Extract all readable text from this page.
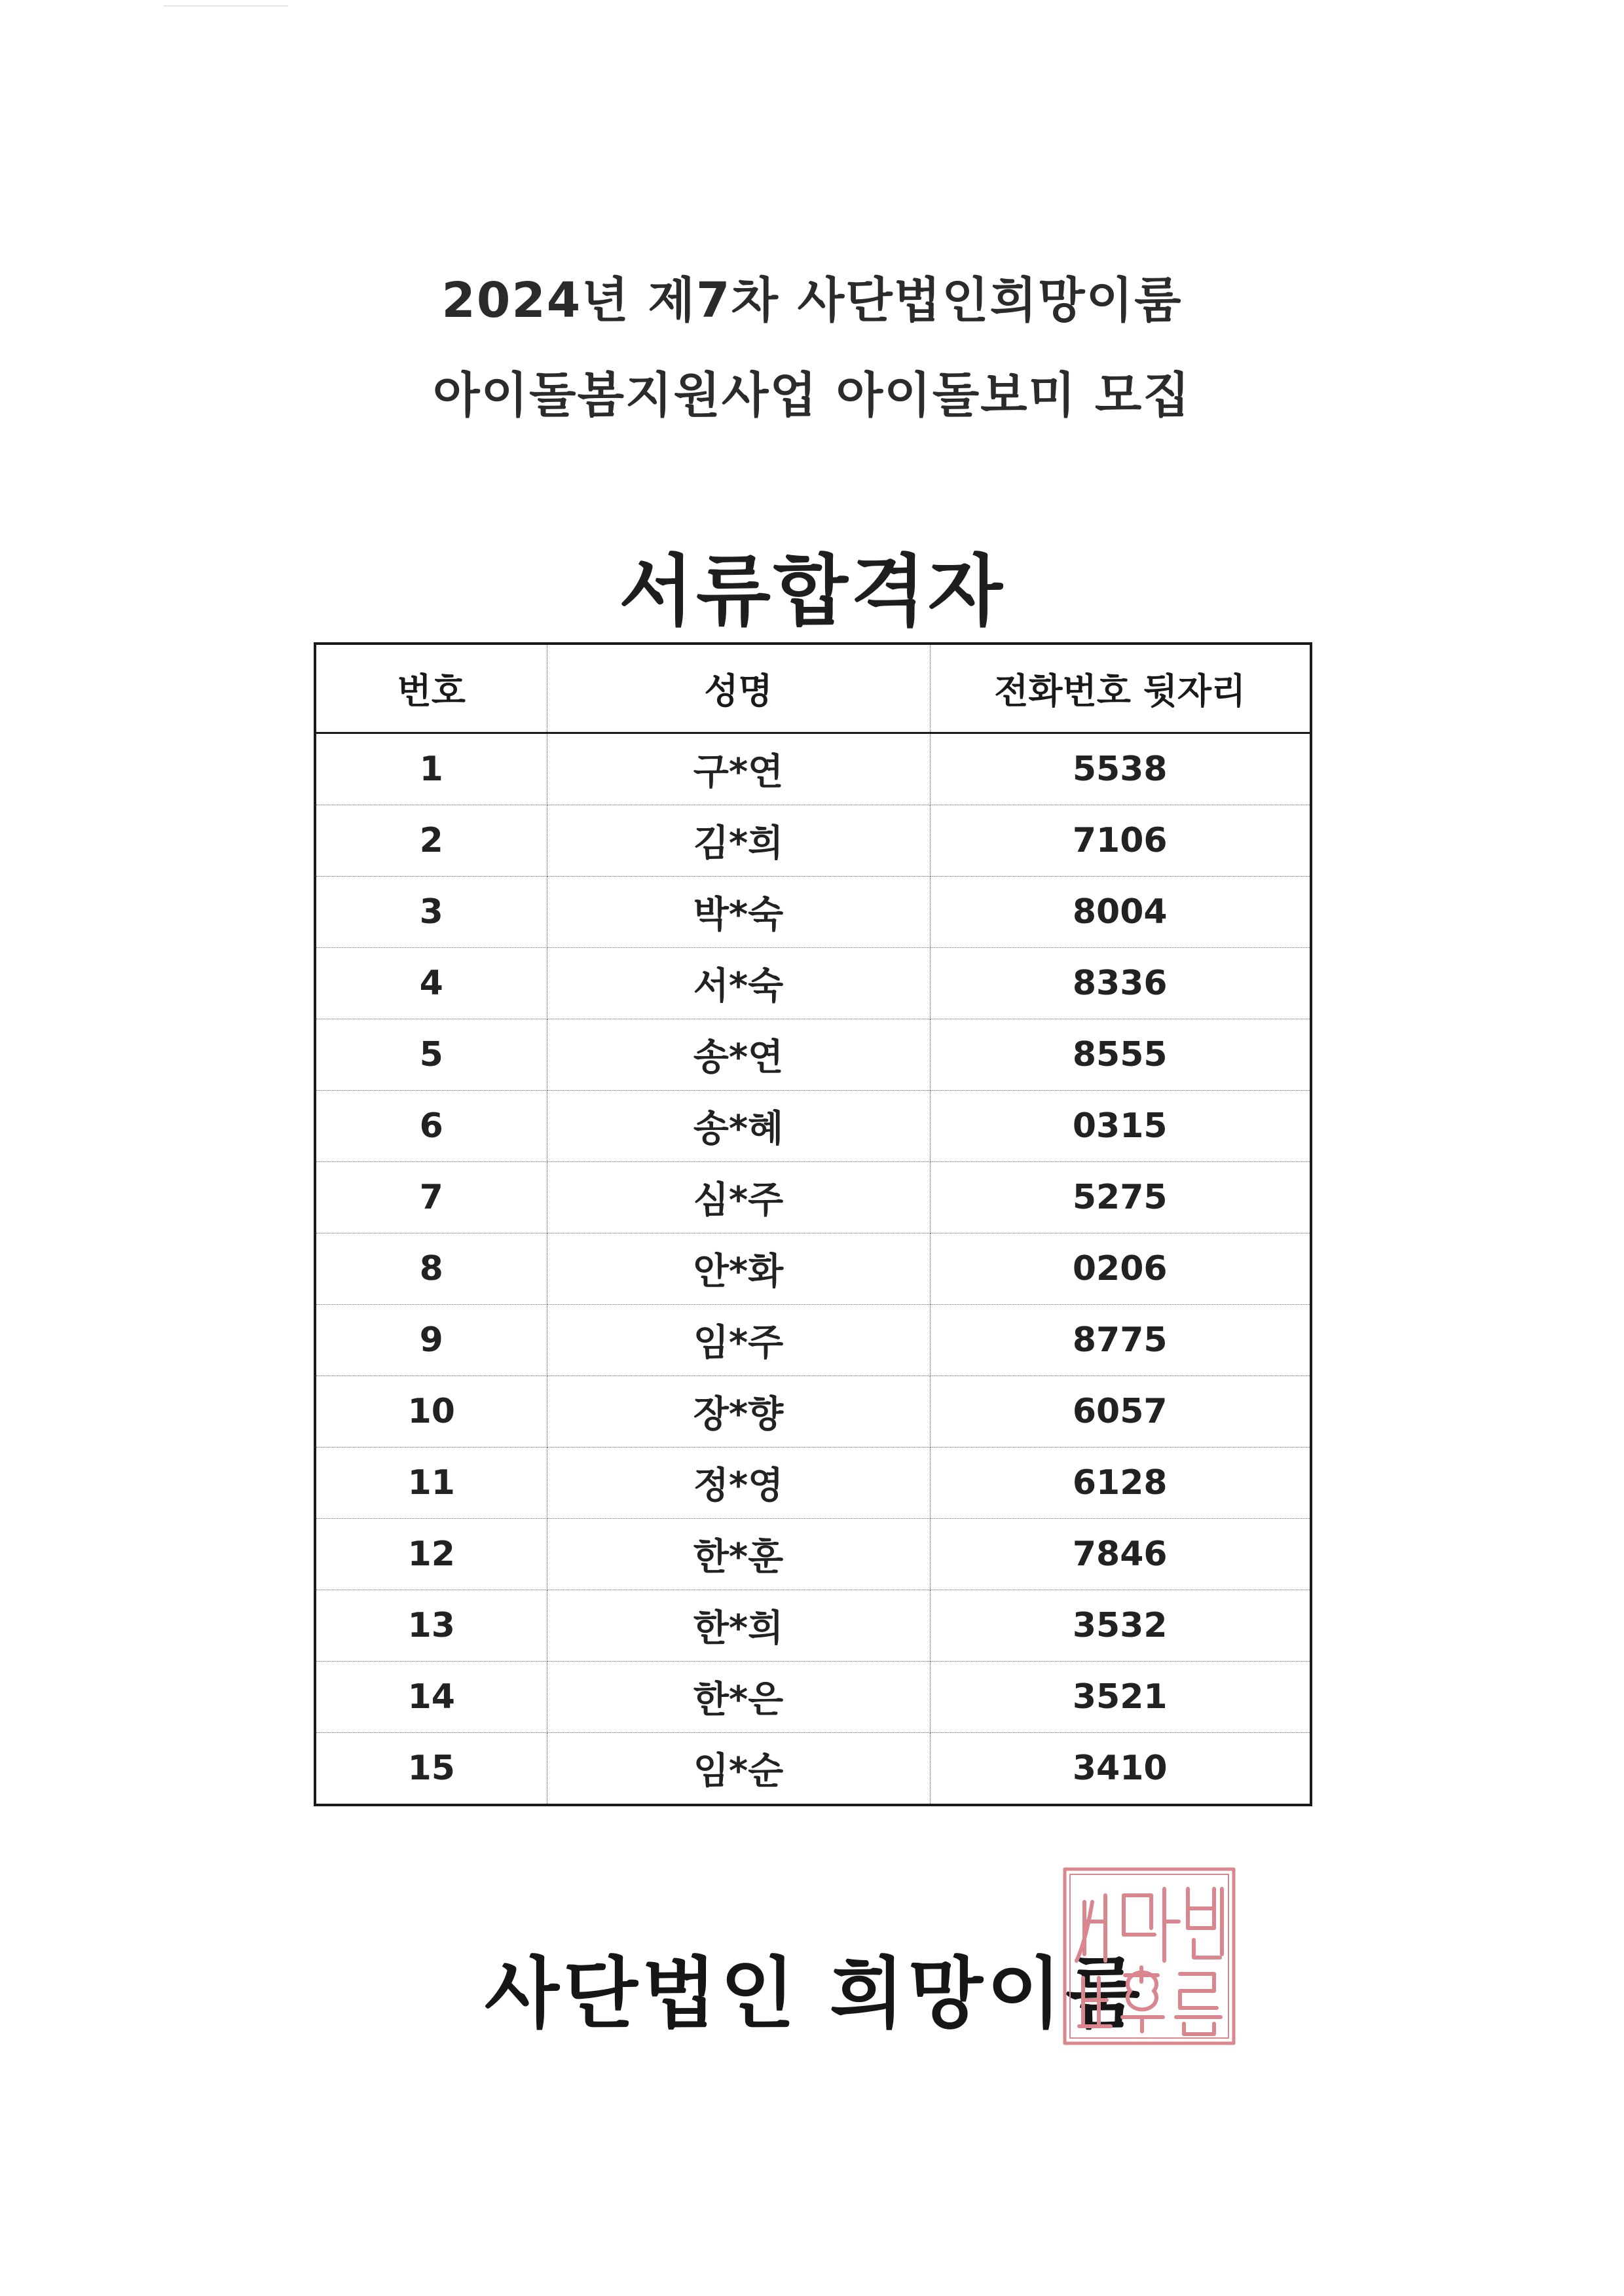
2024년 제7차 사단법인희망이룸
아이돌봄지원사업 아이돌보미 모집
서류합격자
번호	성명	전화번호 뒷자리
1	구*연	5538
2	김*희	7106
3	박*숙	8004
4	서*숙	8336
5	송*연	8555
6	송*혜	0315
7	심*주	5275
8	안*화	0206
9	임*주	8775
10	장*향	6057
11	정*영	6128
12	한*훈	7846
13	한*희	3532
14	한*은	3521
15	임*순	3410
사단법인 희망이룸
